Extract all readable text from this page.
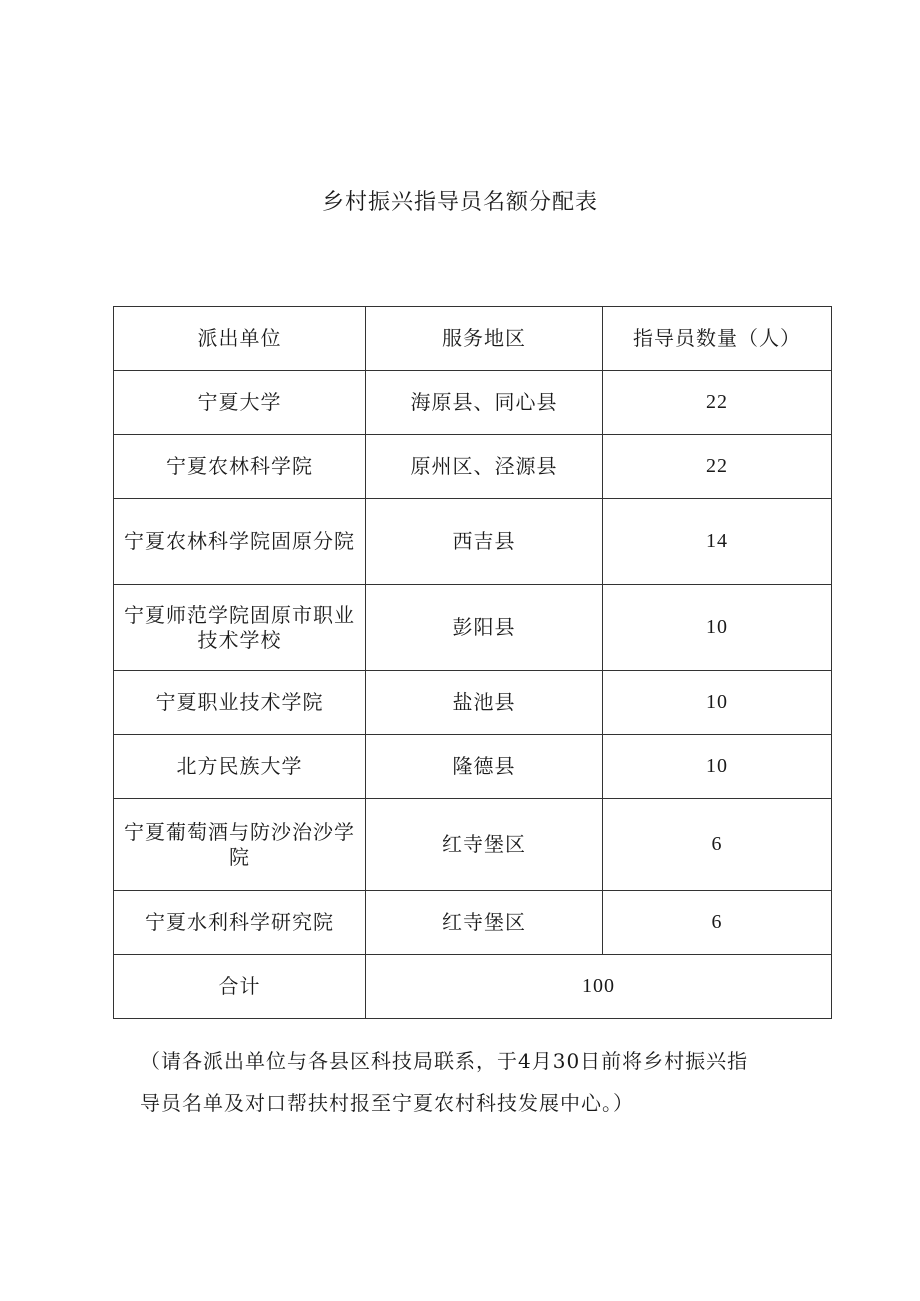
乡村振兴指导员名额分配表
派出单位	服务地区	指导员数量（人）
宁夏大学	海原县、同心县	22
宁夏农林科学院	原州区、泾源县	22
宁夏农林科学院固原分院	西吉县	14
宁夏师范学院固原市职业技术学校	彭阳县	10
宁夏职业技术学院	盐池县	10
北方民族大学	隆德县	10
宁夏葡萄酒与防沙治沙学院	红寺堡区	6
宁夏水利科学研究院	红寺堡区	6
合计	100	
（请各派出单位与各县区科技局联系，于4月30日前将乡村振兴指
导员名单及对口帮扶村报至宁夏农村科技发展中心。）
